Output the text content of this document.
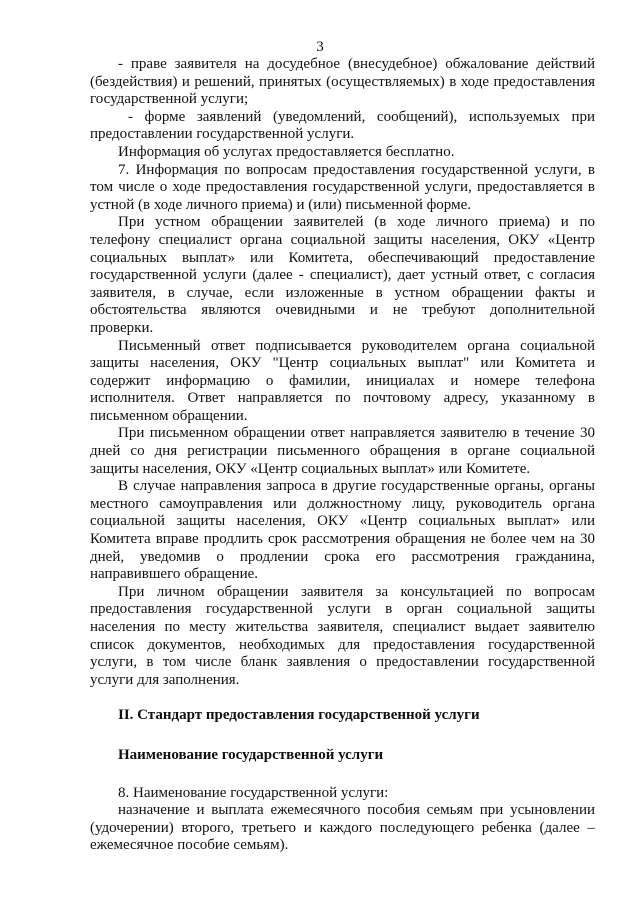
3

- праве заявителя на досудебное (внесудебное) обжалование действий (бездействия) и решений, принятых (осуществляемых) в ходе предоставления государственной услуги;

- форме заявлений (уведомлений, сообщений), используемых при предоставлении государственной услуги.

Информация об услугах предоставляется бесплатно.

7. Информация по вопросам предоставления государственной услуги, в том числе о ходе предоставления государственной услуги, предоставляется в устной (в ходе личного приема) и (или) письменной форме.

При устном обращении заявителей (в ходе личного приема) и по телефону специалист органа социальной защиты населения, ОКУ «Центр социальных выплат» или Комитета, обеспечивающий предоставление государственной услуги (далее - специалист), дает устный ответ, с согласия заявителя, в случае, если изложенные в устном обращении факты и обстоятельства являются очевидными и не требуют дополнительной проверки.

Письменный ответ подписывается руководителем органа социальной защиты населения, ОКУ "Центр социальных выплат" или Комитета и содержит информацию о фамилии, инициалах и номере телефона исполнителя. Ответ направляется по почтовому адресу, указанному в письменном обращении.

При письменном обращении ответ направляется заявителю в течение 30 дней со дня регистрации письменного обращения в органе социальной защиты населения, ОКУ «Центр социальных выплат» или Комитете.

В случае направления запроса в другие государственные органы, органы местного самоуправления или должностному лицу, руководитель органа социальной защиты населения, ОКУ «Центр социальных выплат» или Комитета вправе продлить срок рассмотрения обращения не более чем на 30 дней, уведомив о продлении срока его рассмотрения гражданина, направившего обращение.

При личном обращении заявителя за консультацией по вопросам предоставления государственной услуги в орган социальной защиты населения по месту жительства заявителя, специалист выдает заявителю список документов, необходимых для предоставления государственной услуги, в том числе бланк заявления о предоставлении государственной услуги для заполнения.

II. Стандарт предоставления государственной услуги

Наименование государственной услуги

8. Наименование государственной услуги:

назначение и выплата ежемесячного пособия семьям при усыновлении (удочерении) второго, третьего и каждого последующего ребенка (далее – ежемесячное пособие семьям).
